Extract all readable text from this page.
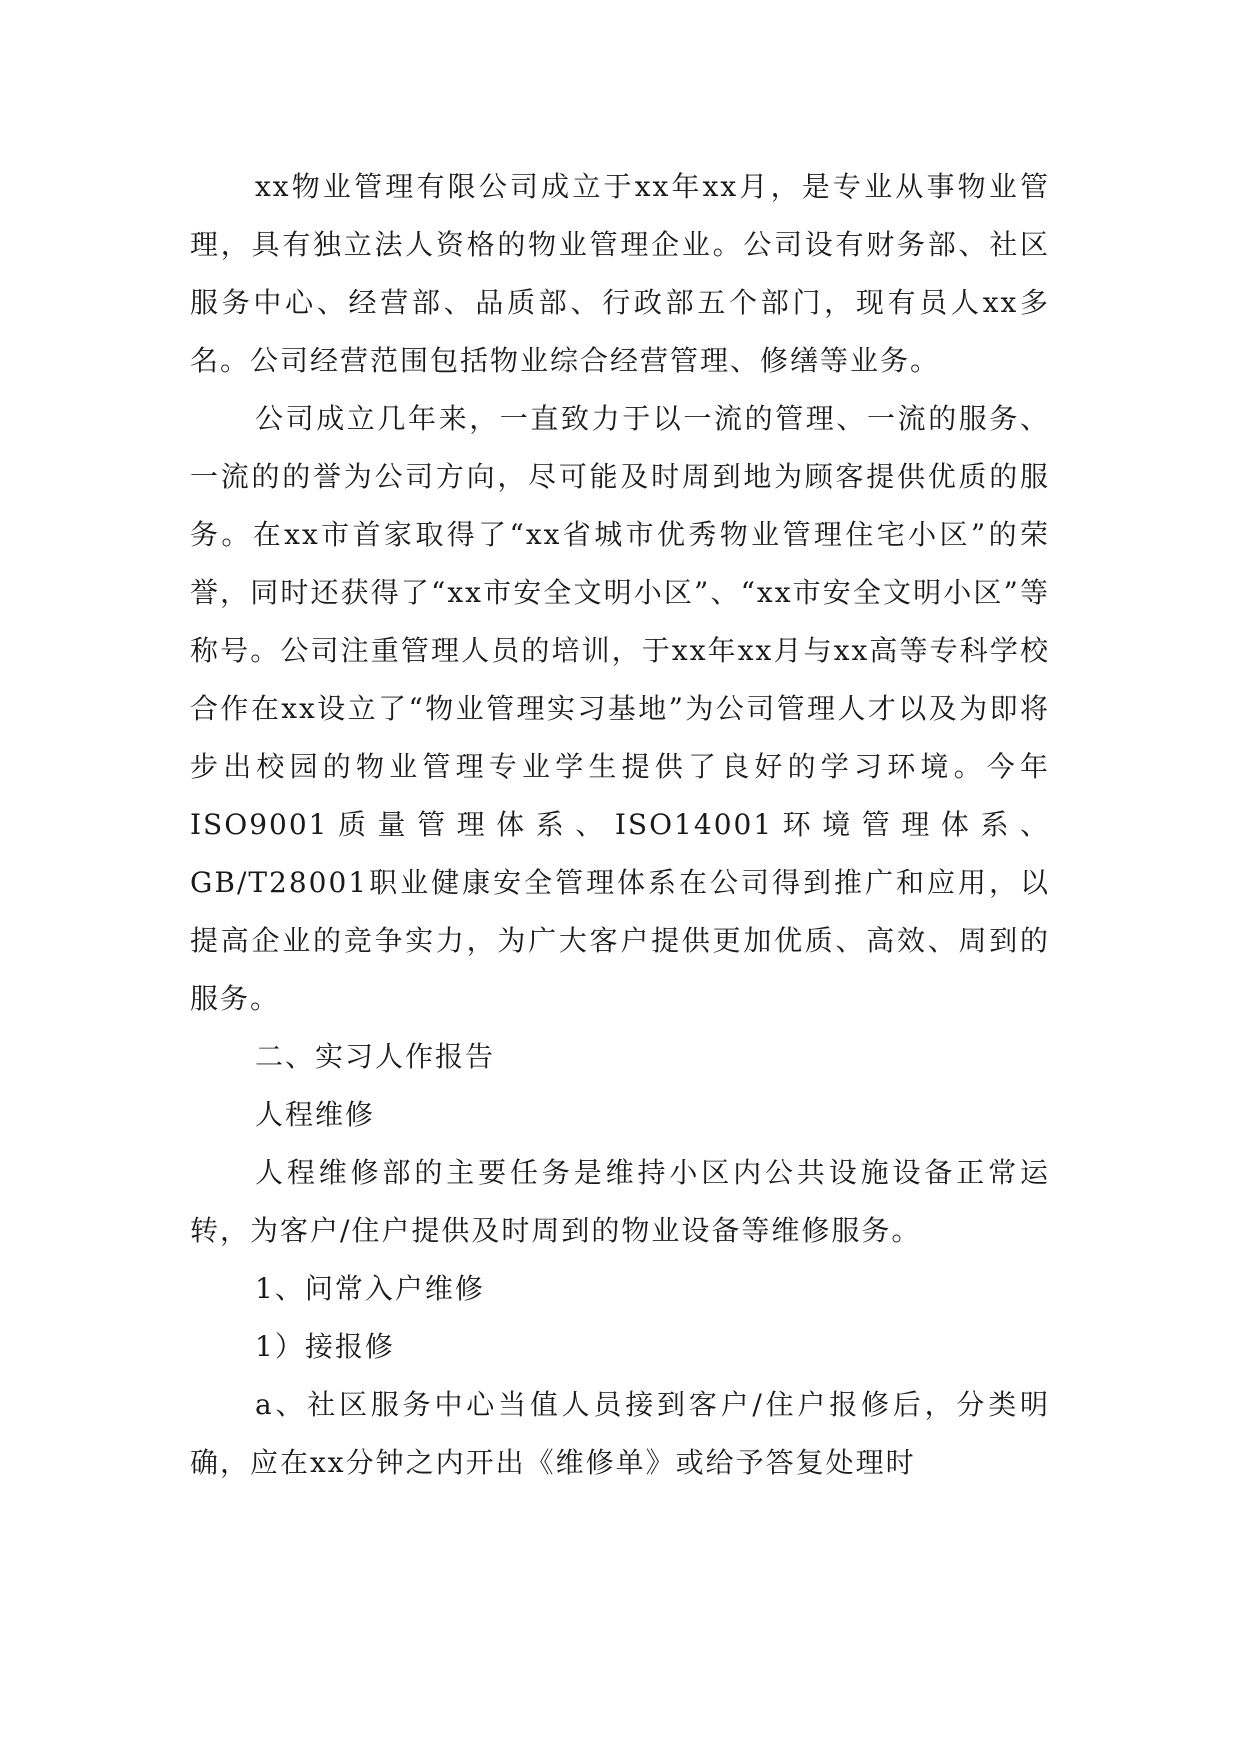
xx物业管理有限公司成立于xx年xx月，是专业从事物业管理，具有独立法人资格的物业管理企业。公司设有财务部、社区服务中心、经营部、品质部、行政部五个部门，现有员人xx多名。公司经营范围包括物业综合经营管理、修缮等业务。

公司成立几年来，一直致力于以一流的管理、一流的服务、一流的的誉为公司方向，尽可能及时周到地为顾客提供优质的服务。在xx市首家取得了“xx省城市优秀物业管理住宅小区”的荣誉，同时还获得了“xx市安全文明小区”、“xx市安全文明小区”等称号。公司注重管理人员的培训，于xx年xx月与xx高等专科学校合作在xx设立了“物业管理实习基地”为公司管理人才以及为即将步出校园的物业管理专业学生提供了良好的学习环境。今年ISO9001质量管理体系、ISO14001环境管理体系、GB/T28001职业健康安全管理体系在公司得到推广和应用，以提高企业的竞争实力，为广大客户提供更加优质、高效、周到的服务。

二、实习人作报告

人程维修

人程维修部的主要任务是维持小区内公共设施设备正常运转，为客户/住户提供及时周到的物业设备等维修服务。

1、问常入户维修

1）接报修

a、社区服务中心当值人员接到客户/住户报修后，分类明确，应在xx分钟之内开出《维修单》或给予答复处理时
